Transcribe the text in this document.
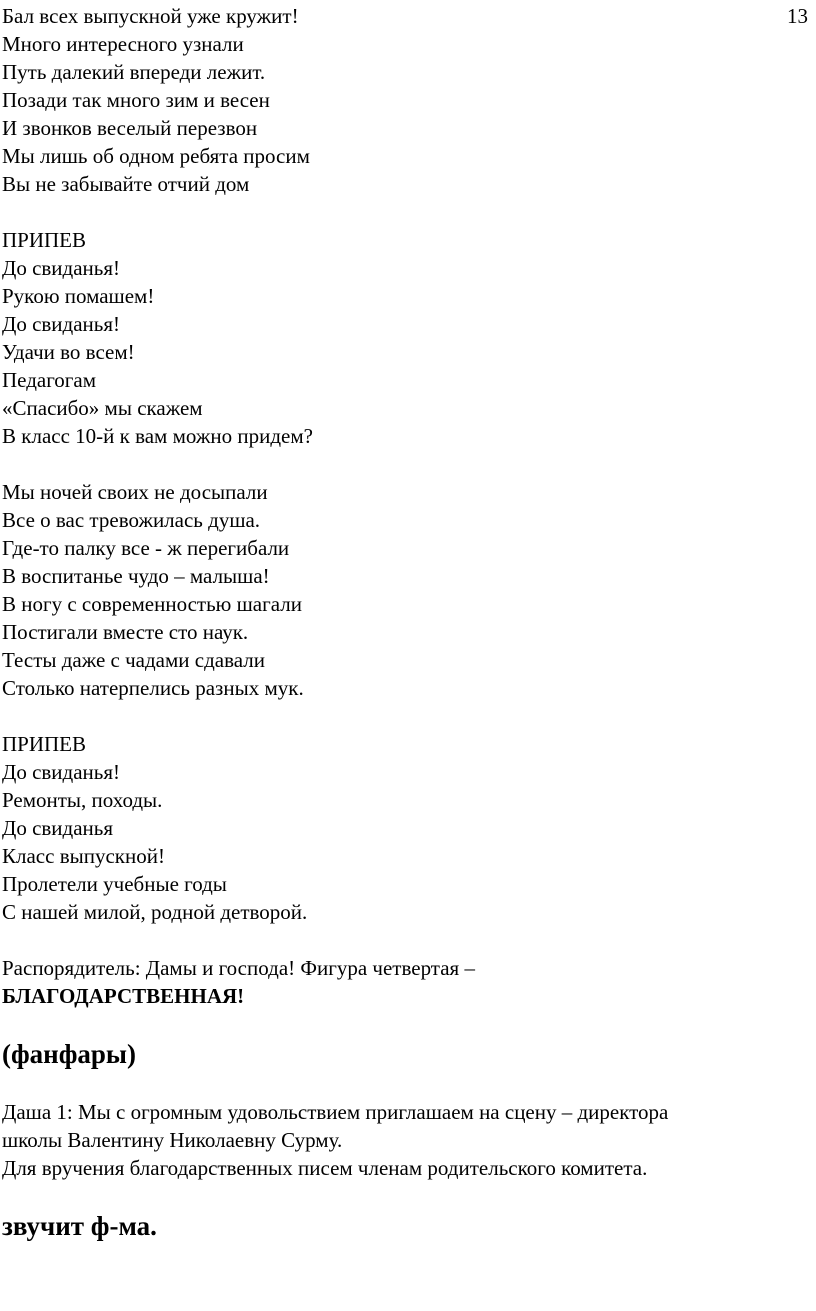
13
Бал всех выпускной уже кружит!
Много интересного узнали
Путь далекий впереди лежит.
Позади так много зим и весен
И звонков веселый перезвон
Мы лишь об одном ребята просим
Вы не забывайте отчий дом
ПРИПЕВ
До свиданья!
Рукою помашем!
До свиданья!
Удачи во всем!
Педагогам
«Спасибо» мы скажем
В класс 10-й к вам можно придем?
Мы ночей своих не досыпали
Все о вас тревожилась душа.
Где-то палку все - ж перегибали
В воспитанье чудо – малыша!
В ногу с современностью шагали
Постигали вместе сто наук.
Тесты даже с чадами сдавали
Столько натерпелись разных мук.
ПРИПЕВ
До свиданья!
Ремонты, походы.
До свиданья
Класс выпускной!
Пролетели учебные годы
С нашей милой, родной детворой.
Распорядитель: Дамы и господа! Фигура четвертая –
БЛАГОДАРСТВЕННАЯ!
(фанфары)
Даша 1: Мы с огромным удовольствием приглашаем на сцену – директора
школы Валентину Николаевну Сурму.
Для вручения благодарственных писем членам родительского комитета.
звучит ф-ма.
